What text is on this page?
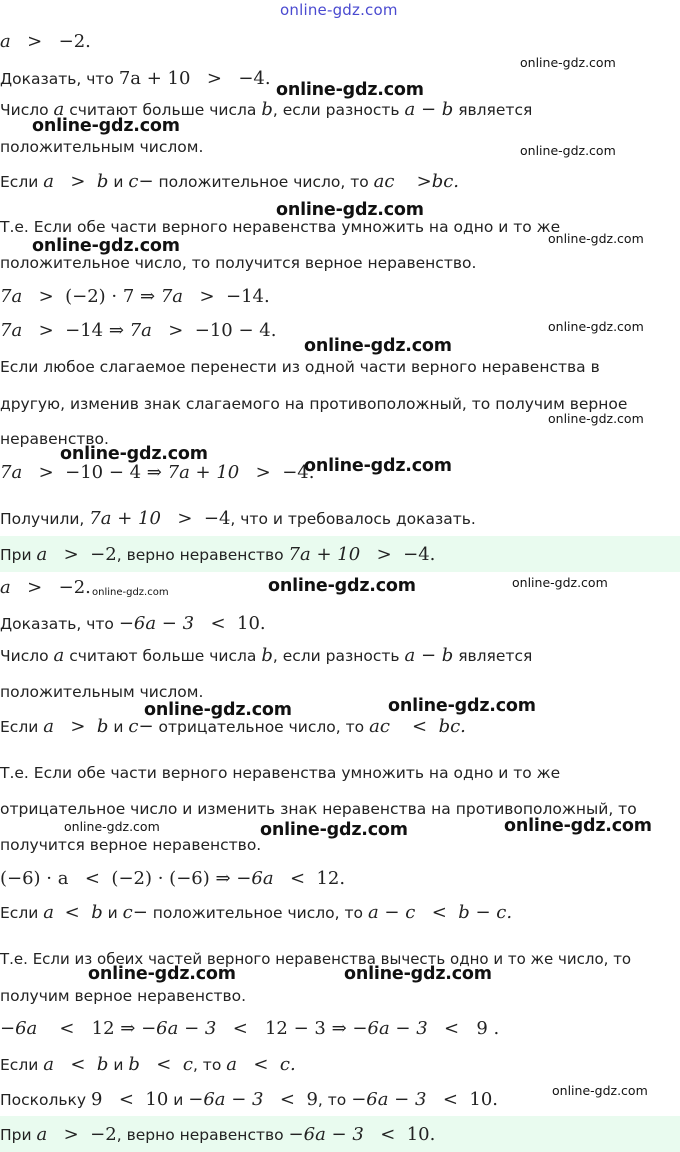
a > −2.
Доказать, что 7a + 10 > −4.
Число a считают больше числа b, если разность a − b является
положительным числом.
Если a > b и c− положительное число, то ac >bc.
Т.е. Если обе части верного неравенства умножить на одно и то же
положительное число, то получится верное неравенство.
7a > (−2) · 7 ⇒ 7a > −14.
7a > −14 ⇒ 7a > −10 − 4.
Если любое слагаемое перенести из одной части верного неравенства в
другую, изменив знак слагаемого на противоположный, то получим верное
неравенство.
7a > −10 − 4 ⇒ 7a + 10 > −4.
Получили, 7a + 10 > −4, что и требовалось доказать.
При a > −2, верно неравенство 7a + 10 > −4.
a > −2.
Доказать, что −6a − 3 < 10.
Число a считают больше числа b, если разность a − b является
положительным числом.
Если a > b и c− отрицательное число, то ac < bc.
Т.е. Если обе части верного неравенства умножить на одно и то же
отрицательное число и изменить знак неравенства на противоположный, то
получится верное неравенство.
(−6) · a < (−2) · (−6) ⇒ −6a < 12.
Если a < b и c− положительное число, то a − c < b − c.
Т.е. Если из обеих частей верного неравенства вычесть одно и то же число, то
получим верное неравенство.
−6a < 12 ⇒ −6a − 3 < 12 − 3 ⇒ −6a − 3 < 9 .
Если a < b и b < c, то a < c.
Поскольку 9 < 10 и −6a − 3 < 9, то −6a − 3 < 10.
При a > −2, верно неравенство −6a − 3 < 10.
online-gdz.com
online-gdz.com
online-gdz.com
online-gdz.com
online-gdz.com
online-gdz.com
online-gdz.com	online-gdz.com
online-gdz.com
online-gdz.com
online-gdz.com
online-gdz.com
online-gdz.com
online-gdz.com
online-gdz.com	online-gdz.com
online-gdz.com
online-gdz.com
online-gdz.com	online-gdz.com	online-gdz.com
online-gdz.com	online-gdz.com
online-gdz.com
